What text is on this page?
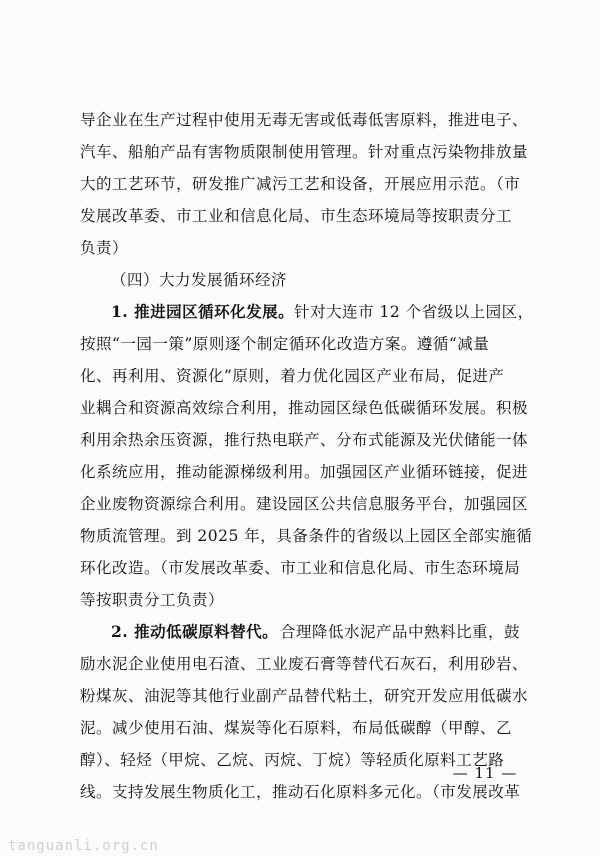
导企业在生产过程中使用无毒无害或低毒低害原料，推进电子、
汽车、船舶产品有害物质限制使用管理。针对重点污染物排放量
大的工艺环节，研发推广减污工艺和设备，开展应用示范。（市
发展改革委、市工业和信息化局、市生态环境局等按职责分工
负责）
（四）大力发展循环经济
1. 推进园区循环化发展。 针对大连市 12 个省级以上园区，
按照“一园一策”原则逐个制定循环化改造方案。遵循“减量
化、再利用、资源化”原则，着力优化园区产业布局，促进产
业耦合和资源高效综合利用，推动园区绿色低碳循环发展。积极
利用余热余压资源，推行热电联产、分布式能源及光伏储能一体
化系统应用，推动能源梯级利用。加强园区产业循环链接，促进
企业废物资源综合利用。建设园区公共信息服务平台，加强园区
物质流管理。到 2025 年，具备条件的省级以上园区全部实施循
环化改造。（市发展改革委、市工业和信息化局、市生态环境局
等按职责分工负责）
2. 推动低碳原料替代。 合理降低水泥产品中熟料比重，鼓
励水泥企业使用电石渣、工业废石膏等替代石灰石，利用砂岩、
粉煤灰、油泥等其他行业副产品替代粘土，研究开发应用低碳水
泥。减少使用石油、煤炭等化石原料，布局低碳醇（甲醇、乙
醇）、轻烃（甲烷、乙烷、丙烷、丁烷）等轻质化原料工艺路
线。支持发展生物质化工，推动石化原料多元化。（市发展改革
— 11 —
tanguanli.org.cn
